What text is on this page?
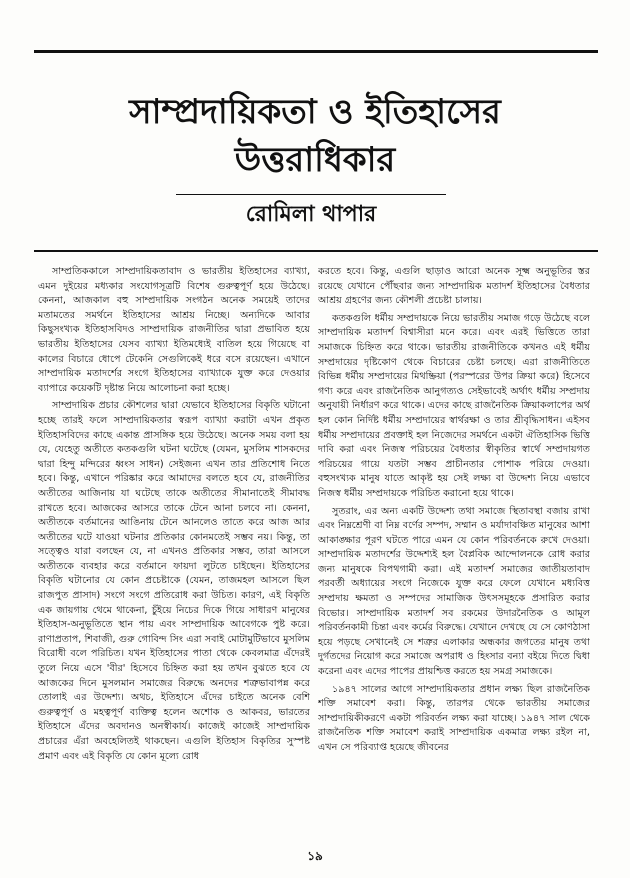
সাম্প্রদায়িকতা ও ইতিহাসের
উত্তরাধিকার
রোমিলা থাপার

সাম্প্রতিককালে সাম্প্রদায়িকতাবাদ ও ভারতীয় ইতিহাসের ব্যাখ্যা, এমন দুইয়ের মধ্যকার সংযোগসূত্রটি বিশেষ গুরুত্বপূর্ণ হয়ে উঠেছে। কেননা, আজকাল বহু সাম্প্রদায়িক সংগঠন অনেক সময়েই তাদের মতামতের সমর্থনে ইতিহাসের আশ্রয় নিচ্ছে। অন্যদিকে আবার কিছুসংখ্যক ইতিহাসবিদও সাম্প্রদায়িক রাজনীতির দ্বারা প্রভাবিত হয়ে ভারতীয় ইতিহাসের যেসব ব্যাখ্যা ইতিমধ্যেই বাতিল হয়ে গিয়েছে বা কালের বিচারে ধোপে টেকেনি সেগুলিকেই ধরে বসে রয়েছেন। এখানে সাম্প্রদায়িক মতাদর্শের সংগে ইতিহাসের ব্যাখ্যাকে যুক্ত করে দেওয়ার ব্যাপারে কয়েকটি দৃষ্টান্ত নিয়ে আলোচনা করা হচ্ছে।

সাম্প্রদায়িক প্রচার কৌশলের দ্বারা যেভাবে ইতিহাসের বিকৃতি ঘটানো হচ্ছে তারই ফলে সাম্প্রদায়িকতার স্বরূপ ব্যাখ্যা করাটা এখন প্রকৃত ইতিহাসবিদের কাছে একান্ত প্রাসঙ্গিক হয়ে উঠেছে। অনেক সময় বলা হয় যে, যেহেতু অতীতে কতকগুলি ঘটনা ঘটেছে (যেমন, মুসলিম শাসকদের দ্বারা হিন্দু মন্দিরের ধ্বংস সাধন) সেইজন্য এখন তার প্রতিশোধ নিতে হবে। কিন্তু, এখানে পরিষ্কার করে আমাদের বলতে হবে যে, রাজনীতির অতীতের আজিনায় যা ঘটেছে তাকে অতীতের সীমানাতেই সীমাবদ্ধ রাখতে হবে। আজকের আসরে তাকে টেনে আনা চলবে না। কেননা, অতীতকে বর্তমানের আঙিনায় টেনে আনলেও তাতে করে আজ আর অতীতের ঘটে যাওয়া ঘটনার প্রতিকার কোনমতেই সম্ভব নয়। কিন্তু, তা সত্ত্বেও যারা বলছেন যে, না এখনও প্রতিকার সম্ভব, তারা আসলে অতীতকে ব্যবহার করে বর্তমানে ফায়দা লুটতে চাইছেন। ইতিহাসের বিকৃতি ঘটানোর যে কোন প্রচেষ্টাকে (যেমন, তাজমহল আসলে ছিল রাজপুত প্রাসাদ) সংগে সংগে প্রতিরোধ করা উচিত। কারণ, এই বিকৃতি এক জায়গায় থেমে থাকেনা, চুঁইয়ে নিচের দিকে গিয়ে সাধারণ মানুষের ইতিহাস-অনুভূতিতে স্থান পায় এবং সাম্প্রদায়িক আবেগকে পুষ্ট করে। রাণাপ্রতাপ, শিবাজী, গুরু গোবিন্দ সিং এরা সবাই মোটামুটিভাবে মুসলিম বিরোধী বলে পরিচিত। যখন ইতিহাসের পাতা থেকে কেবলমাত্র এঁদেরই তুলে নিয়ে এসে 'বীর' হিসেবে চিহ্নিত করা হয় তখন বুঝতে হবে যে আজকের দিনে মুসলমান সমাজের বিরুদ্ধে অনদের শত্রুভাবাপন্ন করে তোলাই এর উদ্দেশ্য। অথচ, ইতিহাসে এঁদের চাইতে অনেক বেশি গুরুত্বপূর্ণ ও মহত্বপূর্ণ ব্যক্তিত্ব হলেন অশোক ও আকবর, ভারতের ইতিহাসে এঁদের অবদানও অনস্বীকার্য। কাজেই কাজেই সাম্প্রদায়িক প্রচারের এঁরা অবহেলিতই থাকছেন। এগুলি ইতিহাস বিকৃতির সুস্পষ্ট প্রমাণ এবং এই বিকৃতি যে কোন মূল্যে রোধ

করতে হবে। কিন্তু, এগুলি ছাড়াও আরো অনেক সূক্ষ্ম অনুভূতির স্তর রয়েছে যেখানে পৌঁছবার জন্য সাম্প্রদায়িক মতাদর্শ ইতিহাসের বৈধতার আশ্রয় গ্রহণের জন্য কৌশলী প্রচেষ্টা চালায়।

কতকগুলি ধর্মীয় সম্প্রদায়কে নিয়ে ভারতীয় সমাজ গড়ে উঠেছে বলে সাম্প্রদায়িক মতাদর্শ বিশ্বাসীরা মনে করে। এবং এরই ভিত্তিতে তারা সমাজকে চিহ্নিত করে থাকে। ভারতীয় রাজনীতিকে কখনও এই ধর্মীয় সম্প্রদায়ের দৃষ্টিকোণ থেকে বিচারের চেষ্টা চলছে। এরা রাজনীতিতে বিভিন্ন ধর্মীয় সম্প্রদায়ের মিথষ্ক্রিয়া (পরস্পরের উপর ক্রিয়া করে) হিসেবে গণ্য করে এবং রাজনৈতিক আনুগত্যও সেইভাবেই অর্থাৎ ধর্মীয় সম্প্রদায় অনুযায়ী নির্ধারণ করে থাকে। এদের কাছে রাজনৈতিক ক্রিয়াকলাপের অর্থ হল কোন নির্দিষ্ট ধর্মীয় সম্প্রদায়ের স্বার্থরক্ষা ও তার শ্রীবৃদ্ধিসাধন। এইসব ধর্মীয় সম্প্রদায়ের প্রবক্তাই হল নিজেদের সমর্থনে একটা ঐতিহাসিক ভিত্তি দাবি করা এবং নিজস্ব পরিচয়ের বৈধতার স্বীকৃতির স্বার্থে সম্প্রদায়গত পরিচয়ের গায়ে যতটা সম্ভব প্রাচীনতার পোশাক পরিয়ে দেওয়া। বহুসংখ্যক মানুষ যাতে আকৃষ্ট হয় সেই লক্ষ্য বা উদ্দেশ্য নিয়ে এভাবে নিজস্ব ধর্মীয় সম্প্রদায়কে পরিচিত করানো হয়ে থাকে।

সুতরাং, এর অন্য একটি উদ্দেশ্য তথা সমাজে স্থিতাবস্থা বজায় রাখা এবং নিম্নশ্রেণী বা নিম্ন বর্ণের সম্পদ, সম্মান ও মর্যাদাবঞ্চিত মানুষের আশা আকাঙ্ক্ষার পূরণ ঘটতে পারে এমন যে কোন পরিবর্তনকে রুখে দেওয়া। সাম্প্রদায়িক মতাদর্শের উদ্দেশ্যই হল বৈপ্লবিক আন্দোলনকে রোধ করার জন্য মানুষকে বিপথগামী করা। এই মতাদর্শ সমাজের জাতীয়তাবাদ পরবর্তী অধ্যায়ের সংগে নিজেকে যুক্ত করে ফেলে যেখানে মধ্যবিত্ত সম্প্রদায় ক্ষমতা ও সম্পদের সামাজিক উৎসসমূহকে প্রসারিত করার বিভোর। সাম্প্রদায়িক মতাদর্শ সব রকমের উদারনৈতিক ও আমূল পরিবর্তনকামী চিন্তা এবং কর্মের বিরুদ্ধে। যেখানে দেখছে যে সে কোণঠাসা হয়ে পড়ছে সেখানেই সে শত্রুর এলাকার অন্ধকার জগতের মানুষ তথা দুর্গতদের নিয়োগ করে সমাজে অপরাধ ও হিংসার বন্যা বইয়ে দিতে দ্বিধা করেনা এবং এদের পাপের প্রায়শ্চিত্ত করতে হয় সমগ্র সমাজকে।

১৯৪৭ সালের আগে সাম্প্রদায়িকতার প্রধান লক্ষ্য ছিল রাজনৈতিক শক্তি সমাবেশ করা। কিন্তু, তারপর থেকে ভারতীয় সমাজের সাম্প্রদায়িকীকরণে একটা পরিবর্তন লক্ষ্য করা যাচ্ছে। ১৯৪৭ সাল থেকে রাজনৈতিক শক্তি সমাবেশ করাই সাম্প্রদায়িক একমাত্র লক্ষ্য রইল না, এখন সে পরিব্যাপ্ত হয়েছে জীবনের

১৯
